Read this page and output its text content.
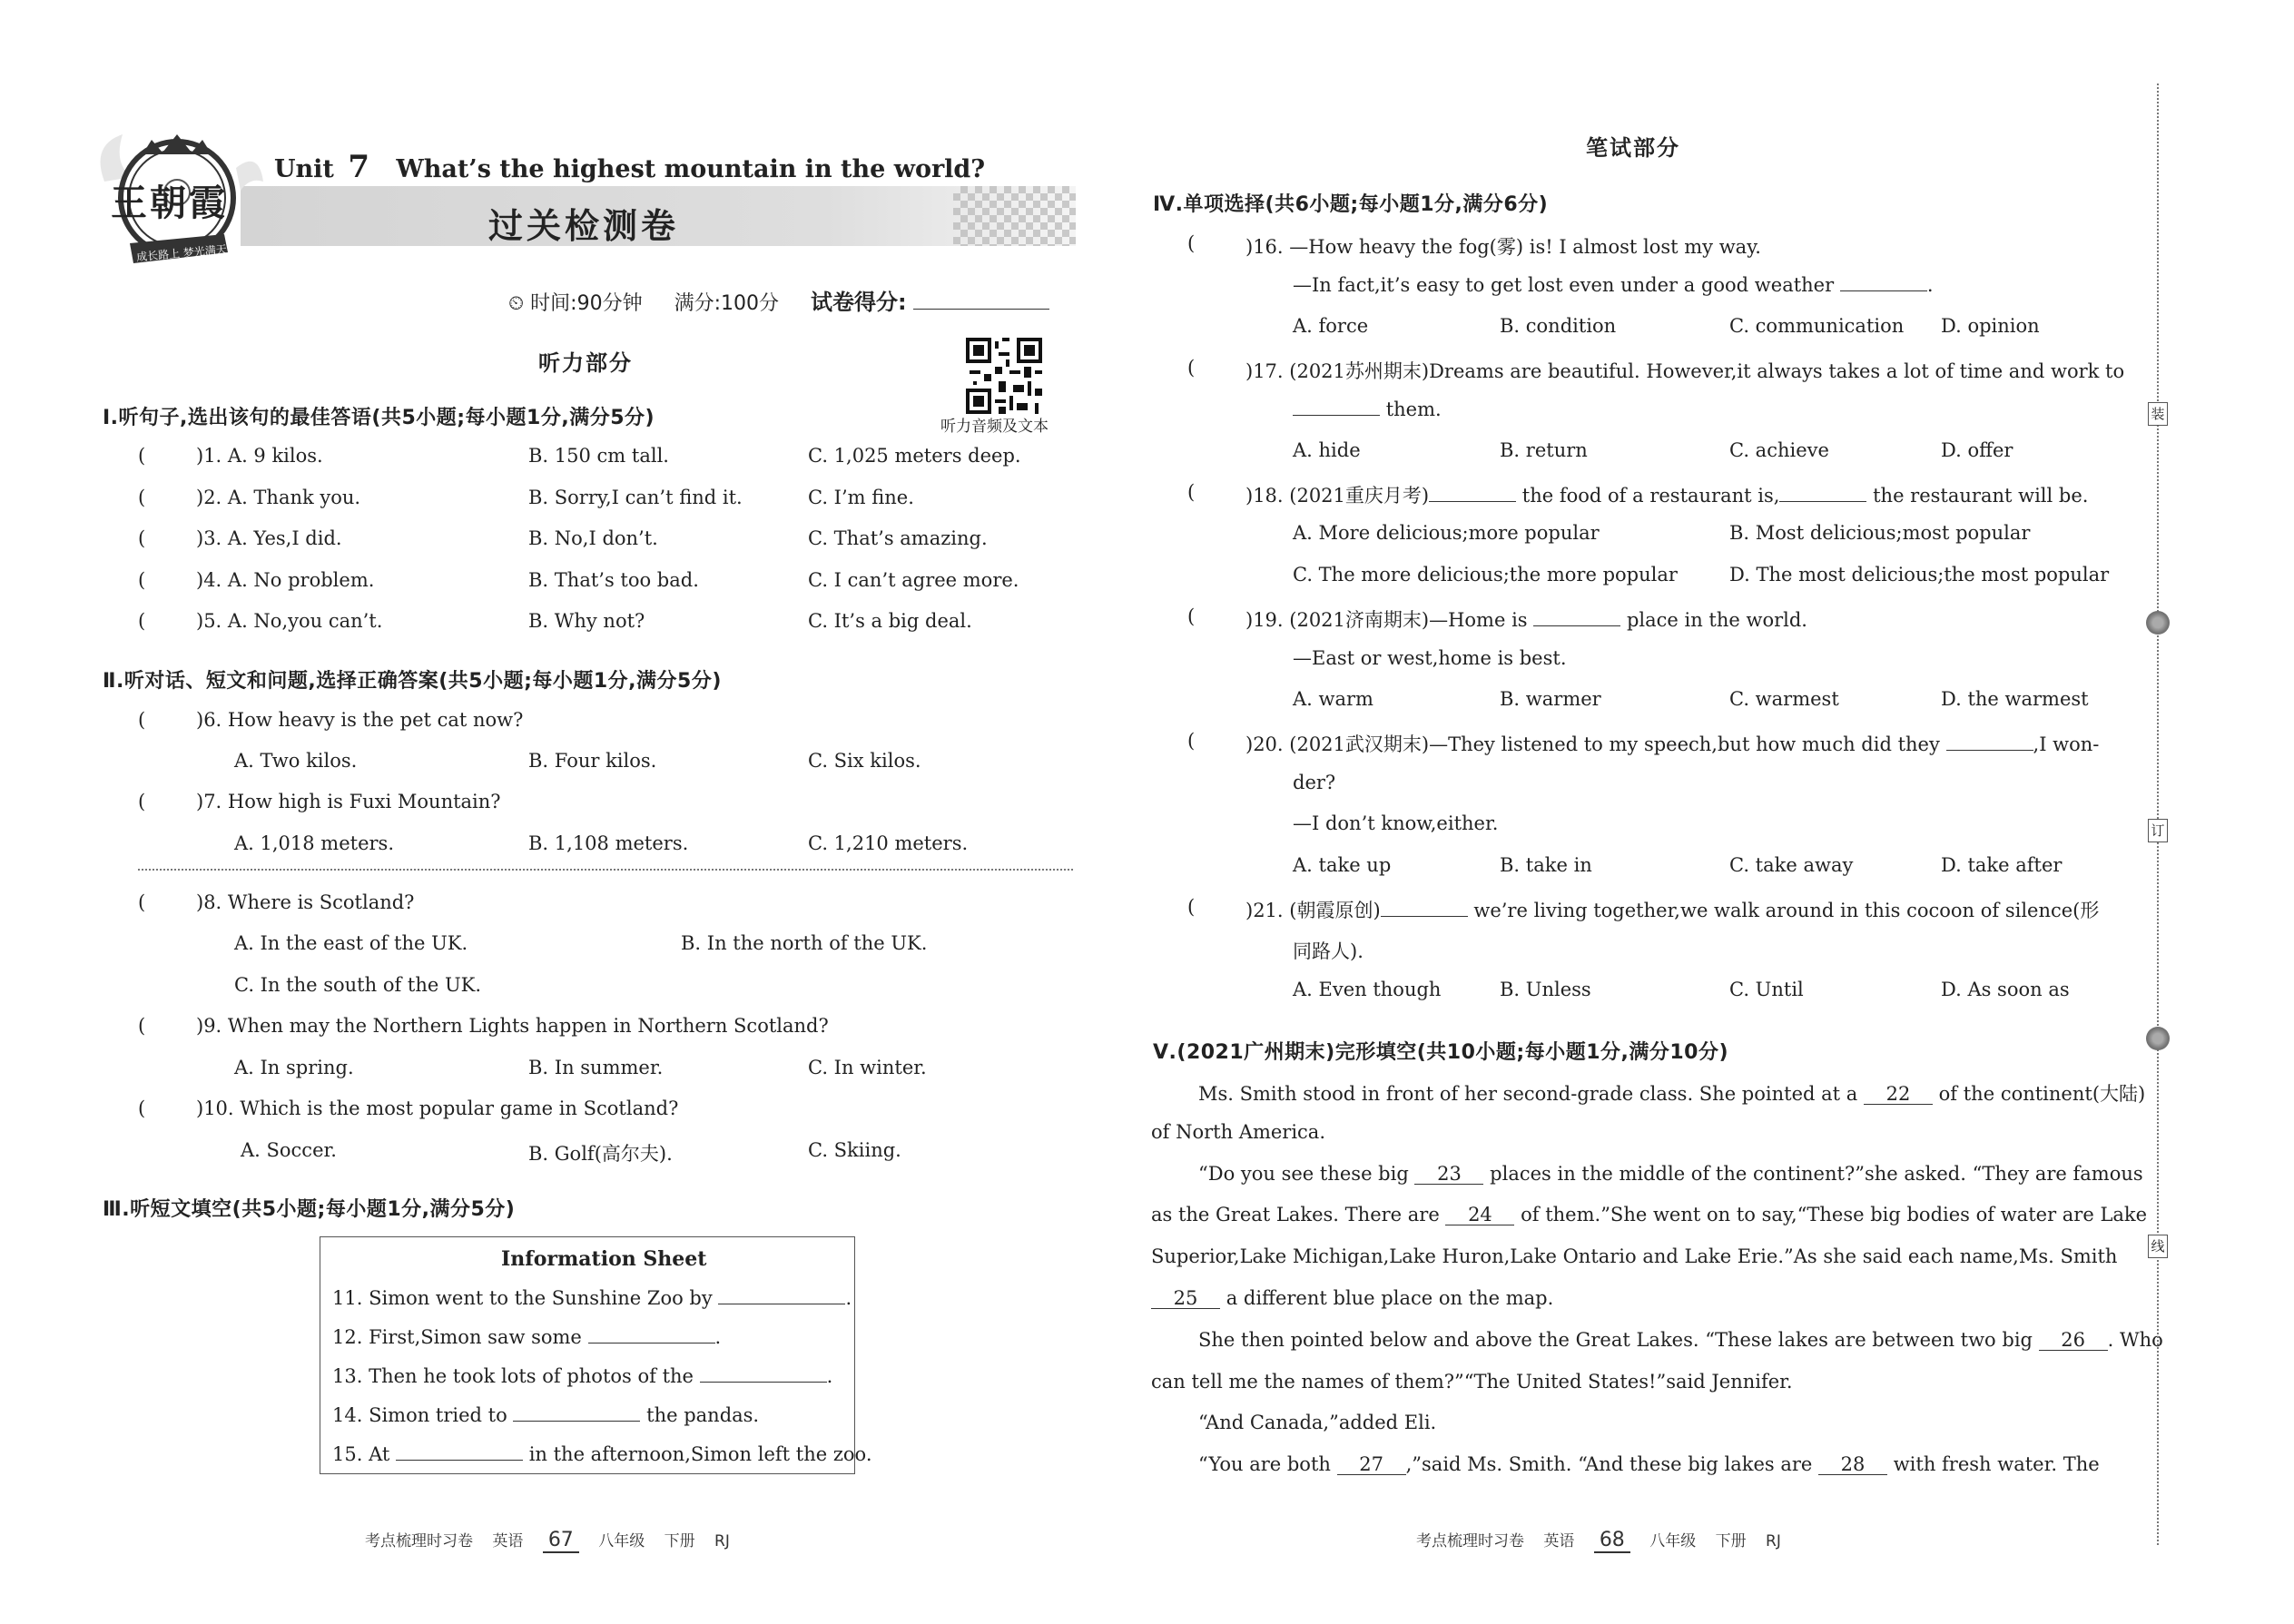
王朝霞
成长路上 梦光满天
Unit 7 What’s the highest mountain in the world?
过关检测卷
⏲ 时间:90分钟 满分:100分 试卷得分:
听力部分
听力音频及文本
Ⅰ.听句子,选出该句的最佳答语(共5小题;每小题1分,满分5分)
(	)1. A. 9 kilos.	B. 150 cm tall.	C. 1,025 meters deep.
(	)2. A. Thank you.	B. Sorry,I can’t find it.	C. I’m fine.
(	)3. A. Yes,I did.	B. No,I don’t.	C. That’s amazing.
(	)4. A. No problem.	B. That’s too bad.	C. I can’t agree more.
(	)5. A. No,you can’t.	B. Why not?	C. It’s a big deal.
Ⅱ.听对话、短文和问题,选择正确答案(共5小题;每小题1分,满分5分)
(	)6. How heavy is the pet cat now?
A. Two kilos.	B. Four kilos.	C. Six kilos.
(	)7. How high is Fuxi Mountain?
A. 1,018 meters.	B. 1,108 meters.	C. 1,210 meters.
(	)8. Where is Scotland?
A. In the east of the UK.	B. In the north of the UK.
C. In the south of the UK.
(	)9. When may the Northern Lights happen in Northern Scotland?
A. In spring.	B. In summer.	C. In winter.
(	)10. Which is the most popular game in Scotland?
A. Soccer.	B. Golf(高尔夫).	C. Skiing.
Ⅲ.听短文填空(共5小题;每小题1分,满分5分)
Information Sheet
11. Simon went to the Sunshine Zoo by	.
12. First,Simon saw some	.
13. Then he took lots of photos of the	.
14. Simon tried to	the pandas.
15. At	in the afternoon,Simon left the zoo.
考点梳理时习卷 英语 67 八年级 下册 RJ
笔试部分
Ⅳ.单项选择(共6小题;每小题1分,满分6分)
(	)16. —How heavy the fog(雾) is! I almost lost my way.
—In fact,it’s easy to get lost even under a good weather	.
A. force	B. condition	C. communication D. opinion
(	)17. (2021苏州期末)Dreams are beautiful. However,it always takes a lot of time and work to
them.
A. hide	B. return	C. achieve	D. offer
(	)18. (2021重庆月考)	the food of a restaurant is,	the restaurant will be.
A. More delicious;more popular	B. Most delicious;most popular
C. The more delicious;the more popular	D. The most delicious;the most popular
(	)19. (2021济南期末)—Home is	place in the world.
—East or west,home is best.
A. warm	B. warmer	C. warmest	D. the warmest
(	)20. (2021武汉期末)—They listened to my speech,but how much did they	,I won-
der?
—I don’t know,either.
A. take up	B. take in	C. take away	D. take after
(	)21. (朝霞原创)	we’re living together,we walk around in this cocoon of silence(形
同路人).
A. Even though	B. Unless	C. Until	D. As soon as
Ⅴ.(2021广州期末)完形填空(共10小题;每小题1分,满分10分)
Ms. Smith stood in front of her second-grade class. She pointed at a 22 of the continent(大陆)
of North America.
“Do you see these big 23 places in the middle of the continent?”she asked. “They are famous
as the Great Lakes. There are 24 of them.”She went on to say,“These big bodies of water are Lake
Superior,Lake Michigan,Lake Huron,Lake Ontario and Lake Erie.”As she said each name,Ms. Smith
25 a different blue place on the map.
She then pointed below and above the Great Lakes. “These lakes are between two big 26 . Who
can tell me the names of them?”“The United States!”said Jennifer.
“And Canada,”added Eli.
“You are both 27 ,”said Ms. Smith. “And these big lakes are 28 with fresh water. The
考点梳理时习卷 英语 68 八年级 下册 RJ
装
订
线
